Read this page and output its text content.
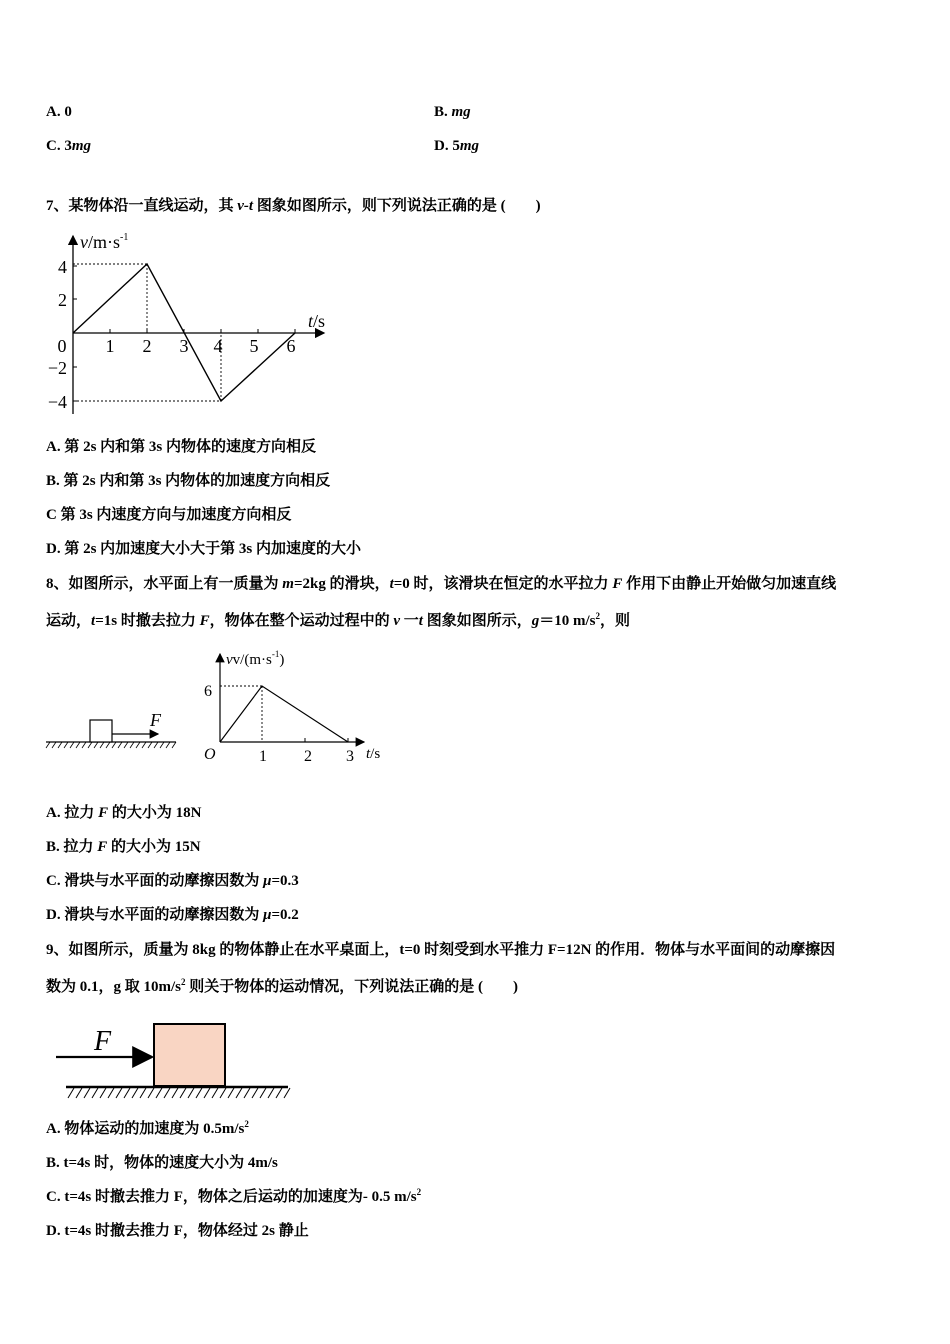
A. 0	B. mg
C. 3mg	D. 5mg
7、某物体沿一直线运动，其 v-t 图象如图所示，则下列说法正确的是 (　　)
$v/m\cdot s^{-1}$
t/s
0 1 2 3 4 5 6
4
2
−2
−4
A. 第 2s 内和第 3s 内物体的速度方向相反
B. 第 2s 内和第 3s 内物体的加速度方向相反
C 第 3s 内速度方向与加速度方向相反
D. 第 2s 内加速度大小大于第 3s 内加速度的大小
8、如图所示，水平面上有一质量为 m=2kg 的滑块，t=0 时，该滑块在恒定的水平拉力 F 作用下由静止开始做匀加速直线
运动，t=1s 时撤去拉力 F，物体在整个运动过程中的 v 一t 图象如图所示，g＝10 $m/s^2$，则
F
$vv/(m\cdot s^{-1})$
O
6
1 2 3 t/s
A. 拉力 F 的大小为 18N
B. 拉力 F 的大小为 15N
C. 滑块与水平面的动摩擦因数为 μ=0.3
D. 滑块与水平面的动摩擦因数为 μ=0.2
9、如图所示，质量为 8kg 的物体静止在水平桌面上，t=0 时刻受到水平推力 F=12N 的作用．物体与水平面间的动摩擦因
数为 0.1，g 取 $10m/s^2$ 则关于物体的运动情况，下列说法正确的是 (　　)
F
A. 物体运动的加速度为 $0.5m/s^2$
B. t=4s 时，物体的速度大小为 4m/s
C. t=4s 时撤去推力 F，物体之后运动的加速度为- 0.5 $m/s^2$
D. t=4s 时撤去推力 F，物体经过 2s 静止
